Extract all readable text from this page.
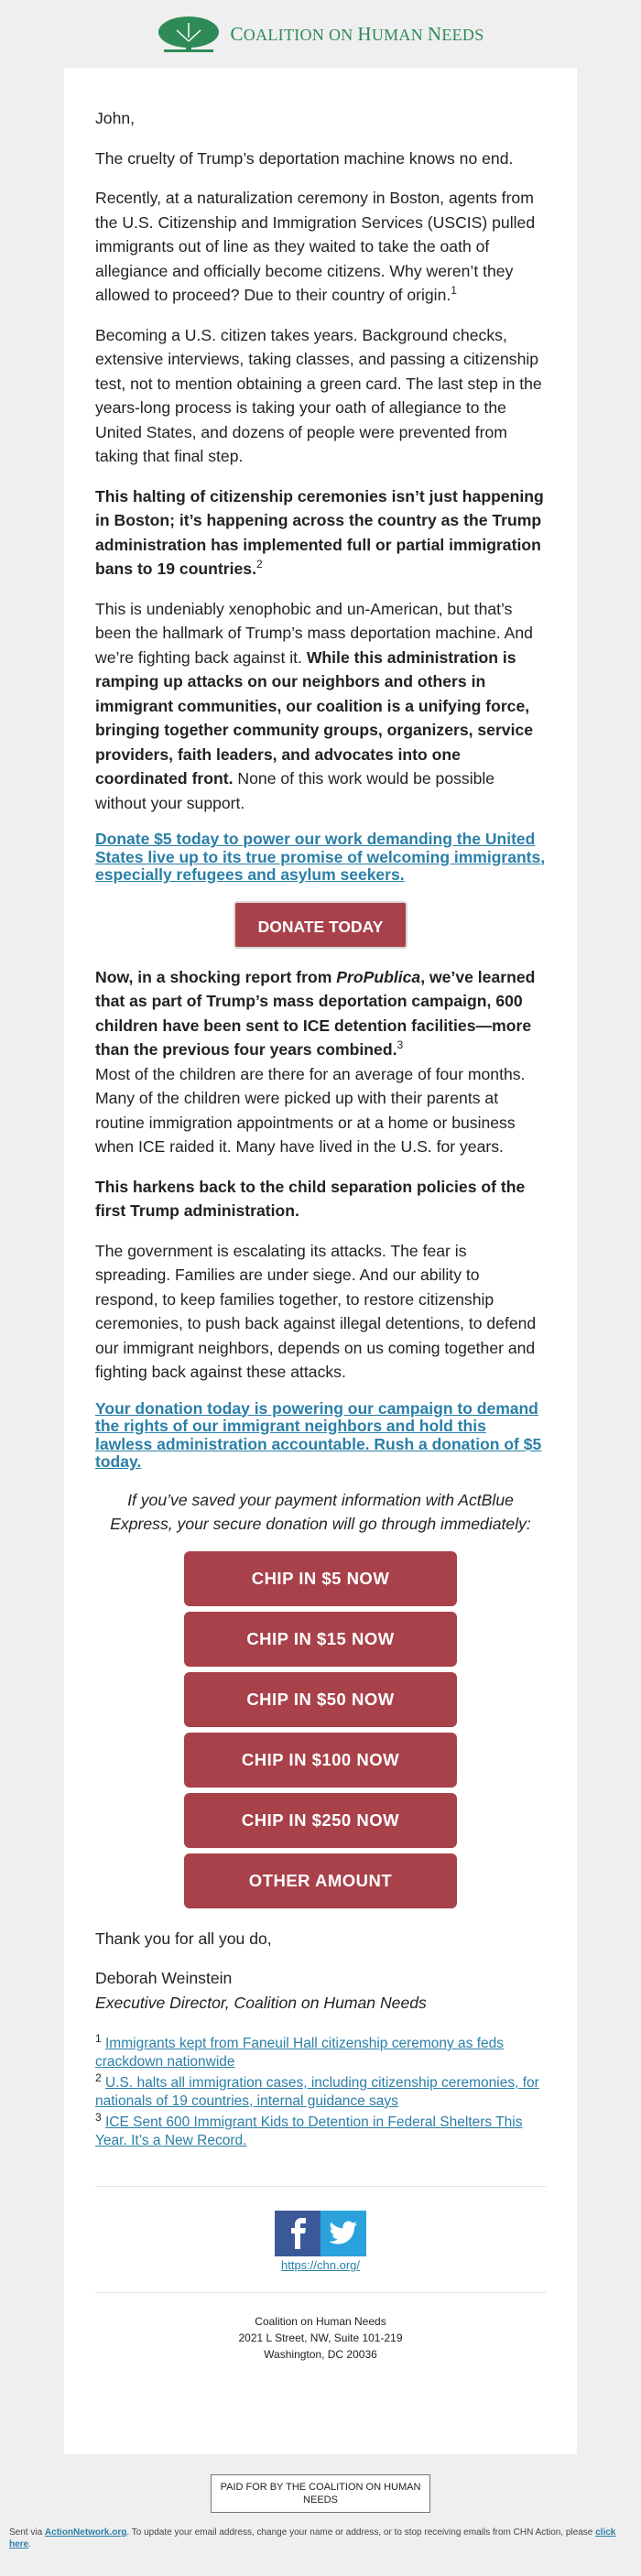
COALITION ON HUMAN NEEDS

John,

The cruelty of Trump’s deportation machine knows no end.

Recently, at a naturalization ceremony in Boston, agents from the U.S. Citizenship and Immigration Services (USCIS) pulled immigrants out of line as they waited to take the oath of allegiance and officially become citizens. Why weren’t they allowed to proceed? Due to their country of origin.$^1$

Becoming a U.S. citizen takes years. Background checks, extensive interviews, taking classes, and passing a citizenship test, not to mention obtaining a green card. The last step in the years-long process is taking your oath of allegiance to the United States, and dozens of people were prevented from taking that final step.

This halting of citizenship ceremonies isn’t just happening in Boston; it’s happening across the country as the Trump administration has implemented full or partial immigration bans to 19 countries.$^2$

This is undeniably xenophobic and un-American, but that’s been the hallmark of Trump’s mass deportation machine. And we’re fighting back against it. While this administration is ramping up attacks on our neighbors and others in immigrant communities, our coalition is a unifying force, bringing together community groups, organizers, service providers, faith leaders, and advocates into one coordinated front. None of this work would be possible without your support.

Donate $5 today to power our work demanding the United States live up to its true promise of welcoming immigrants, especially refugees and asylum seekers.
DONATE TODAY

Now, in a shocking report from ProPublica, we’ve learned that as part of Trump’s mass deportation campaign, 600 children have been sent to ICE detention facilities—more than the previous four years combined.$^3$

Most of the children are there for an average of four months. Many of the children were picked up with their parents at routine immigration appointments or at a home or business when ICE raided it. Many have lived in the U.S. for years.

This harkens back to the child separation policies of the first Trump administration.

The government is escalating its attacks. The fear is spreading. Families are under siege. And our ability to respond, to keep families together, to restore citizenship ceremonies, to push back against illegal detentions, to defend our immigrant neighbors, depends on us coming together and fighting back against these attacks.

Your donation today is powering our campaign to demand the rights of our immigrant neighbors and hold this lawless administration accountable. Rush a donation of $5 today.
If you’ve saved your payment information with ActBlue Express, your secure donation will go through immediately:
CHIP IN $5 NOW
CHIP IN $15 NOW
CHIP IN $50 NOW
CHIP IN $100 NOW
CHIP IN $250 NOW
OTHER AMOUNT

Thank you for all you do,

Deborah Weinstein

Executive Director, Coalition on Human Needs

$^1$ Immigrants kept from Faneuil Hall citizenship ceremony as feds crackdown nationwide
$^2$ U.S. halts all immigration cases, including citizenship ceremonies, for nationals of 19 countries, internal guidance says
$^3$ ICE Sent 600 Immigrant Kids to Detention in Federal Shelters This Year. It’s a New Record.
https://chn.org/
Coalition on Human Needs
2021 L Street, NW, Suite 101-219
Washington, DC 20036
PAID FOR BY THE COALITION ON HUMAN NEEDS
Sent via ActionNetwork.org. To update your email address, change your name or address, or to stop receiving emails from CHN Action, please click here.
